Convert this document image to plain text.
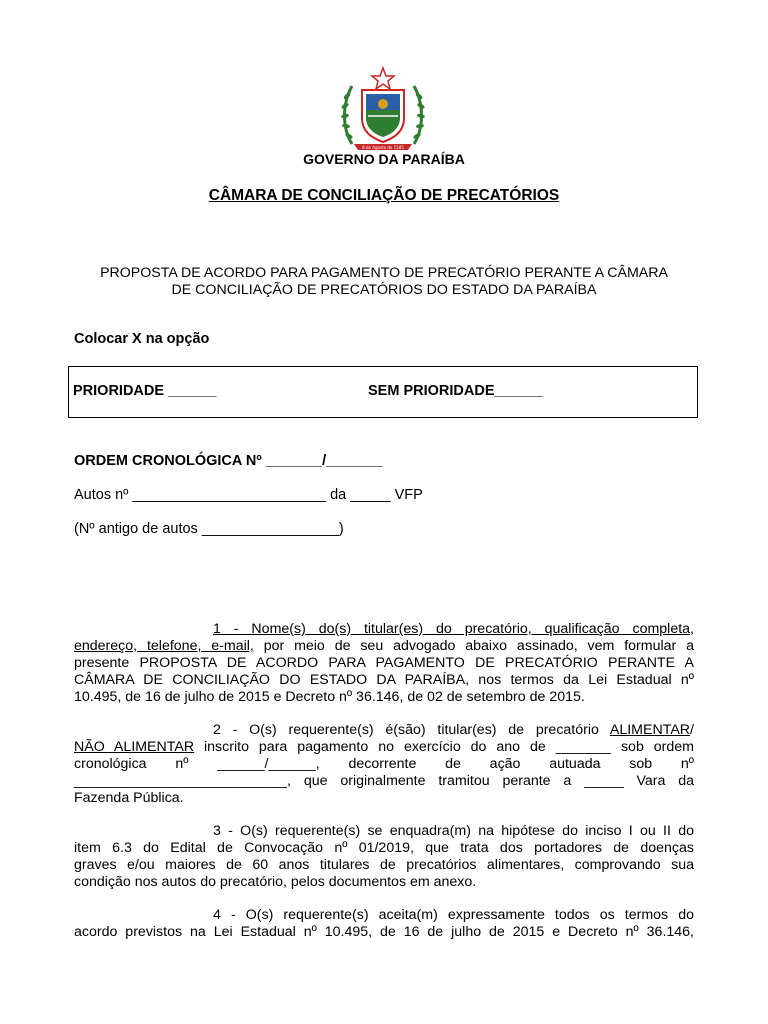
8 de Agosto de 1585
GOVERNO DA PARAÍBA
CÂMARA DE CONCILIAÇÃO DE PRECATÓRIOS
PROPOSTA DE ACORDO PARA PAGAMENTO DE PRECATÓRIO PERANTE A CÂMARA
DE CONCILIAÇÃO DE PRECATÓRIOS DO ESTADO DA PARAÍBA
Colocar X na opção
PRIORIDADE ______	SEM PRIORIDADE______
ORDEM CRONOLÓGICA Nº _______/_______
Autos nº ________________________ da _____ VFP
(Nº antigo de autos _________________)
1 - Nome(s) do(s) titular(es) do precatório, qualificação completa,
endereço, telefone, e-mail, por meio de seu advogado abaixo assinado, vem formular a
presente PROPOSTA DE ACORDO PARA PAGAMENTO DE PRECATÓRIO PERANTE A
CÂMARA DE CONCILIAÇÃO DO ESTADO DA PARAÍBA, nos termos da Lei Estadual nº
10.495, de 16 de julho de 2015 e Decreto nº 36.146, de 02 de setembro de 2015.
2 - O(s) requerente(s) é(são) titular(es) de precatório ALIMENTAR/
NÃO ALIMENTAR inscrito para pagamento no exercício do ano de _______ sob ordem
cronológica nº ______/______, decorrente de ação autuada sob nº
___________________________, que originalmente tramitou perante a _____ Vara da
Fazenda Pública.
3 - O(s) requerente(s) se enquadra(m) na hipótese do inciso I ou II do
item 6.3 do Edital de Convocação nº 01/2019, que trata dos portadores de doenças
graves e/ou maiores de 60 anos titulares de precatórios alimentares, comprovando sua
condição nos autos do precatório, pelos documentos em anexo.
4 - O(s) requerente(s) aceita(m) expressamente todos os termos do
acordo previstos na Lei Estadual nº 10.495, de 16 de julho de 2015 e Decreto nº 36.146,
